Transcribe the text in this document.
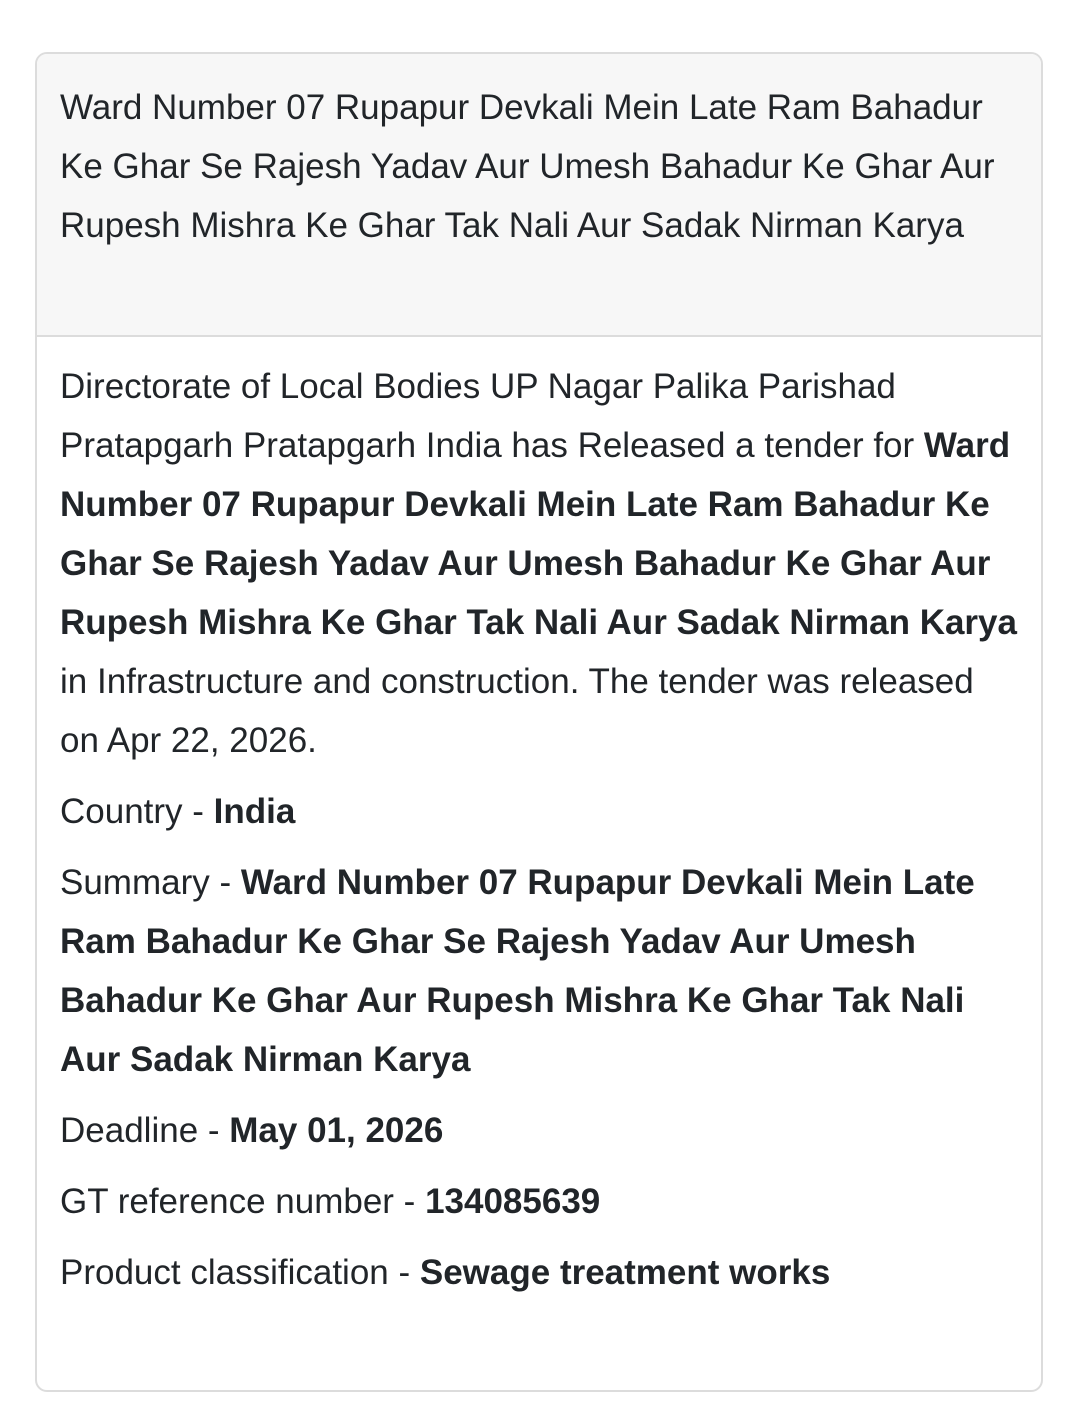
Ward Number 07 Rupapur Devkali Mein Late Ram Bahadur Ke Ghar Se Rajesh Yadav Aur Umesh Bahadur Ke Ghar Aur Rupesh Mishra Ke Ghar Tak Nali Aur Sadak Nirman Karya

Directorate of Local Bodies UP Nagar Palika Parishad Pratapgarh Pratapgarh India has Released a tender for Ward Number 07 Rupapur Devkali Mein Late Ram Bahadur Ke Ghar Se Rajesh Yadav Aur Umesh Bahadur Ke Ghar Aur Rupesh Mishra Ke Ghar Tak Nali Aur Sadak Nirman Karya in Infrastructure and construction. The tender was released on Apr 22, 2026.

Country - India

Summary - Ward Number 07 Rupapur Devkali Mein Late Ram Bahadur Ke Ghar Se Rajesh Yadav Aur Umesh Bahadur Ke Ghar Aur Rupesh Mishra Ke Ghar Tak Nali Aur Sadak Nirman Karya

Deadline - May 01, 2026

GT reference number - 134085639

Product classification - Sewage treatment works
